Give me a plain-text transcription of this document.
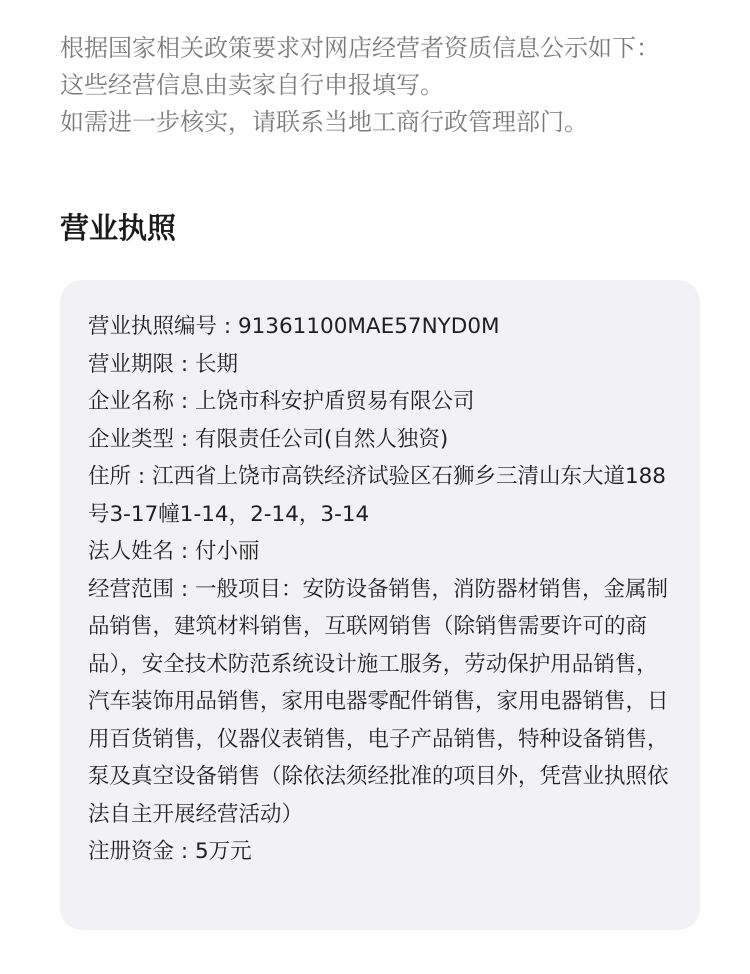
根据国家相关政策要求对网店经营者资质信息公示如下：

这些经营信息由卖家自行申报填写。

如需进一步核实，请联系当地工商行政管理部门。

营业执照

营业执照编号 : 91361100MAE57NYD0M

营业期限 : 长期

企业名称 : 上饶市科安护盾贸易有限公司

企业类型 : 有限责任公司(自然人独资)

住所 : 江西省上饶市高铁经济试验区石狮乡三清山东大道188号3-17幢1-14，2-14，3-14

法人姓名 : 付小丽

经营范围 : 一般项目：安防设备销售，消防器材销售，金属制品销售，建筑材料销售，互联网销售（除销售需要许可的商品），安全技术防范系统设计施工服务，劳动保护用品销售，汽车装饰用品销售，家用电器零配件销售，家用电器销售，日用百货销售，仪器仪表销售，电子产品销售，特种设备销售，泵及真空设备销售（除依法须经批准的项目外，凭营业执照依法自主开展经营活动）

注册资金 : 5万元
